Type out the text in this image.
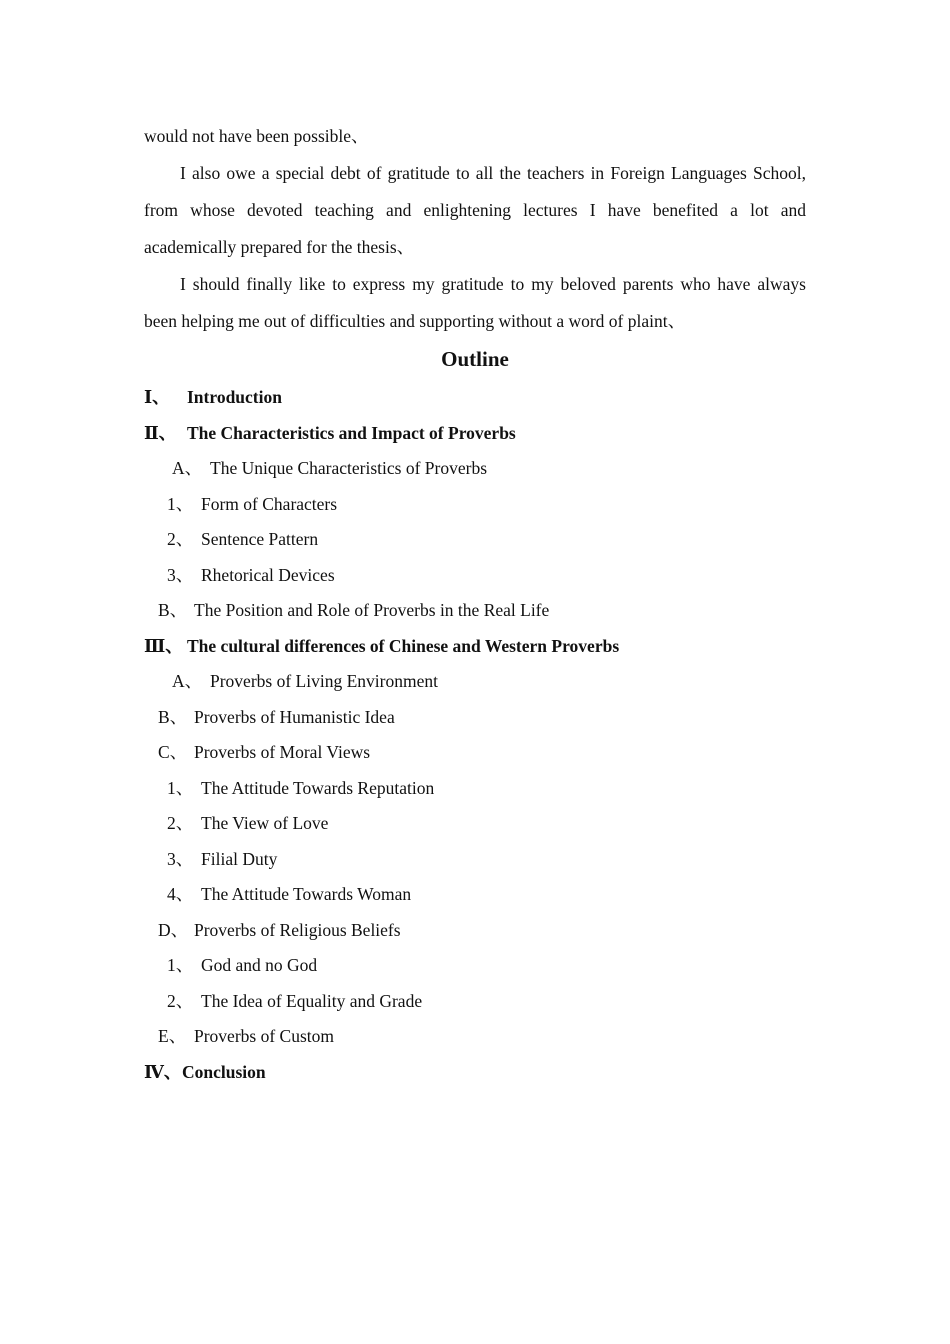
would not have been possible、

I also owe a special debt of gratitude to all the teachers in Foreign Languages School, from whose devoted teaching and enlightening lectures I have benefited a lot and academically prepared for the thesis、

I should finally like to express my gratitude to my beloved parents who have always been helping me out of difficulties and supporting without a word of plaint、

Outline
Ⅰ、 Introduction
Ⅱ、 The Characteristics and Impact of Proverbs
A、 The Unique Characteristics of Proverbs
1、 Form of Characters
2、 Sentence Pattern
3、 Rhetorical Devices
B、 The Position and Role of Proverbs in the Real Life
Ⅲ、 The cultural differences of Chinese and Western Proverbs
A、 Proverbs of Living Environment
B、 Proverbs of Humanistic Idea
C、 Proverbs of Moral Views
1、 The Attitude Towards Reputation
2、 The View of Love
3、 Filial Duty
4、 The Attitude Towards Woman
D、 Proverbs of Religious Beliefs
1、 God and no God
2、 The Idea of Equality and Grade
E、 Proverbs of Custom
Ⅳ、 Conclusion
